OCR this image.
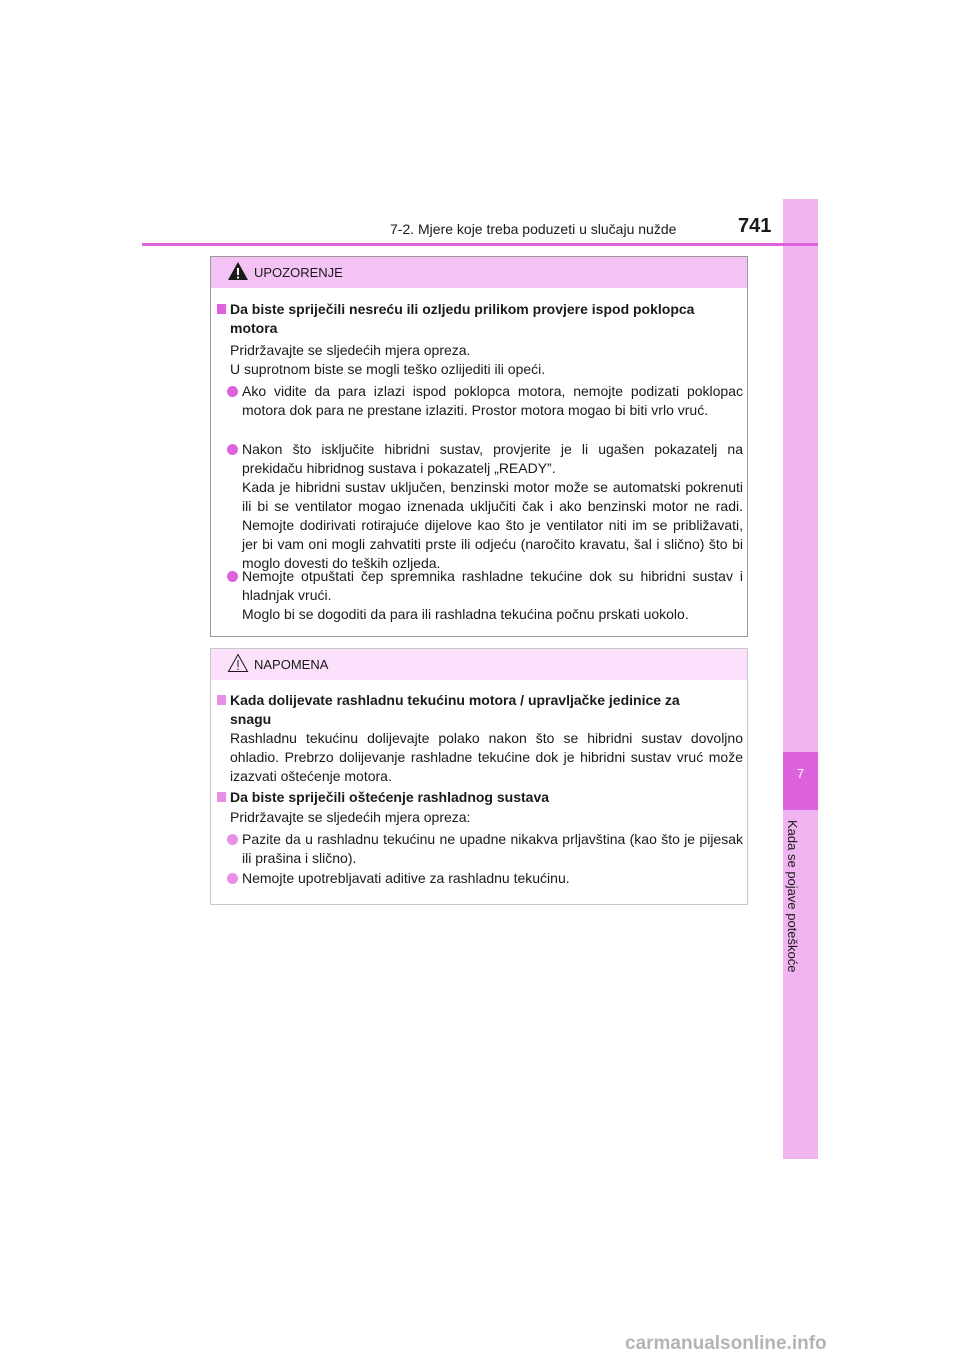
7
Kada se pojave poteškoće
7-2. Mjere koje treba poduzeti u slučaju nužde	741
UPOZORENJE
Da biste spriječili nesreću ili ozljedu prilikom provjere ispod poklopca
motora
Pridržavajte se sljedećih mjera opreza.
U suprotnom biste se mogli teško ozlijediti ili opeći.
Ako vidite da para izlazi ispod poklopca motora, nemojte podizati poklopac motora dok para ne prestane izlaziti. Prostor motora mogao bi biti vrlo vruć.
Nakon što isključite hibridni sustav, provjerite je li ugašen pokazatelj na prekidaču hibridnog sustava i pokazatelj „READY”.
Kada je hibridni sustav uključen, benzinski motor može se automatski pokrenuti ili bi se ventilator mogao iznenada uključiti čak i ako benzinski motor ne radi. Nemojte dodirivati rotirajuće dijelove kao što je ventilator niti im se približavati, jer bi vam oni mogli zahvatiti prste ili odjeću (naročito kravatu, šal i slično) što bi moglo dovesti do teških ozljeda.
Nemojte otpuštati čep spremnika rashladne tekućine dok su hibridni sustav i hladnjak vrući.
Moglo bi se dogoditi da para ili rashladna tekućina počnu prskati uokolo.
NAPOMENA
Kada dolijevate rashladnu tekućinu motora / upravljačke jedinice za
snagu
Rashladnu tekućinu dolijevajte polako nakon što se hibridni sustav dovoljno ohladio. Prebrzo dolijevanje rashladne tekućine dok je hibridni sustav vruć može izazvati oštećenje motora.
Da biste spriječili oštećenje rashladnog sustava
Pridržavajte se sljedećih mjera opreza:
Pazite da u rashladnu tekućinu ne upadne nikakva prljavština (kao što je pijesak ili prašina i slično).
Nemojte upotrebljavati aditive za rashladnu tekućinu.
carmanualsonline.info
